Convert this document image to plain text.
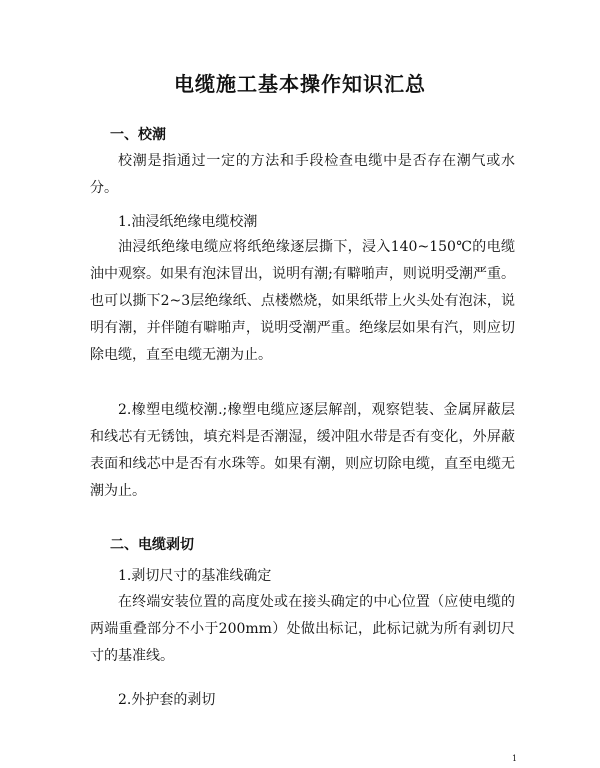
电缆施工基本操作知识汇总
一、校潮
校潮是指通过一定的方法和手段检查电缆中是否存在潮气或水分。
1.油浸纸绝缘电缆校潮
油浸纸绝缘电缆应将纸绝缘逐层撕下，浸入140~150℃的电缆油中观察。如果有泡沫冒出，说明有潮;有噼啪声，则说明受潮严重。也可以撕下2~3层绝缘纸、点楼燃烧，如果纸带上火头处有泡沫，说明有潮，并伴随有噼啪声，说明受潮严重。绝缘层如果有汽，则应切除电缆，直至电缆无潮为止。
2.橡塑电缆校潮.;橡塑电缆应逐层解剖，观察铠装、金属屏蔽层和线芯有无锈蚀，填充料是否潮湿，缓冲阻水带是否有变化，外屏蔽表面和线芯中是否有水珠等。如果有潮，则应切除电缆，直至电缆无潮为止。
二、电缆剥切
1.剥切尺寸的基准线确定
在终端安装位置的高度处或在接头确定的中心位置（应使电缆的两端重叠部分不小于200mm）处做出标记，此标记就为所有剥切尺寸的基准线。
2.外护套的剥切
1
